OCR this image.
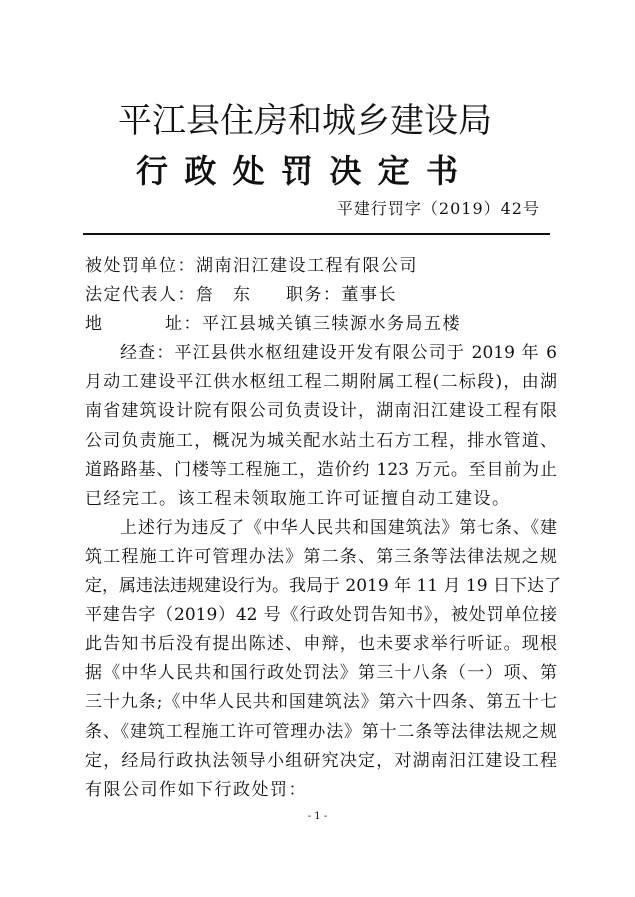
平江县住房和城乡建设局
行政处罚决定书
平建行罚字（2019）42号
被处罚单位：湖南汨江建设工程有限公司
法定代表人：詹　东 职务：董事长
地	址：平江县城关镇三犊源水务局五楼
经查：平江县供水枢纽建设开发有限公司于 2019 年 6
月动工建设平江供水枢纽工程二期附属工程(二标段)，由湖
南省建筑设计院有限公司负责设计，湖南汨江建设工程有限
公司负责施工，概况为城关配水站土石方工程，排水管道、
道路路基、门楼等工程施工，造价约 123 万元。至目前为止
已经完工。该工程未领取施工许可证擅自动工建设。
上述行为违反了《中华人民共和国建筑法》第七条、《建
筑工程施工许可管理办法》第二条、第三条等法律法规之规
定，属违法违规建设行为。我局于 2019 年 11 月 19 日下达了
平建告字（2019）42 号《行政处罚告知书》，被处罚单位接
此告知书后没有提出陈述、申辩，也未要求举行听证。现根
据《中华人民共和国行政处罚法》第三十八条（一）项、第
三十九条;《中华人民共和国建筑法》第六十四条、第五十七
条、《建筑工程施工许可管理办法》第十二条等法律法规之规
定，经局行政执法领导小组研究决定，对湖南汨江建设工程
有限公司作如下行政处罚：
- 1 -
